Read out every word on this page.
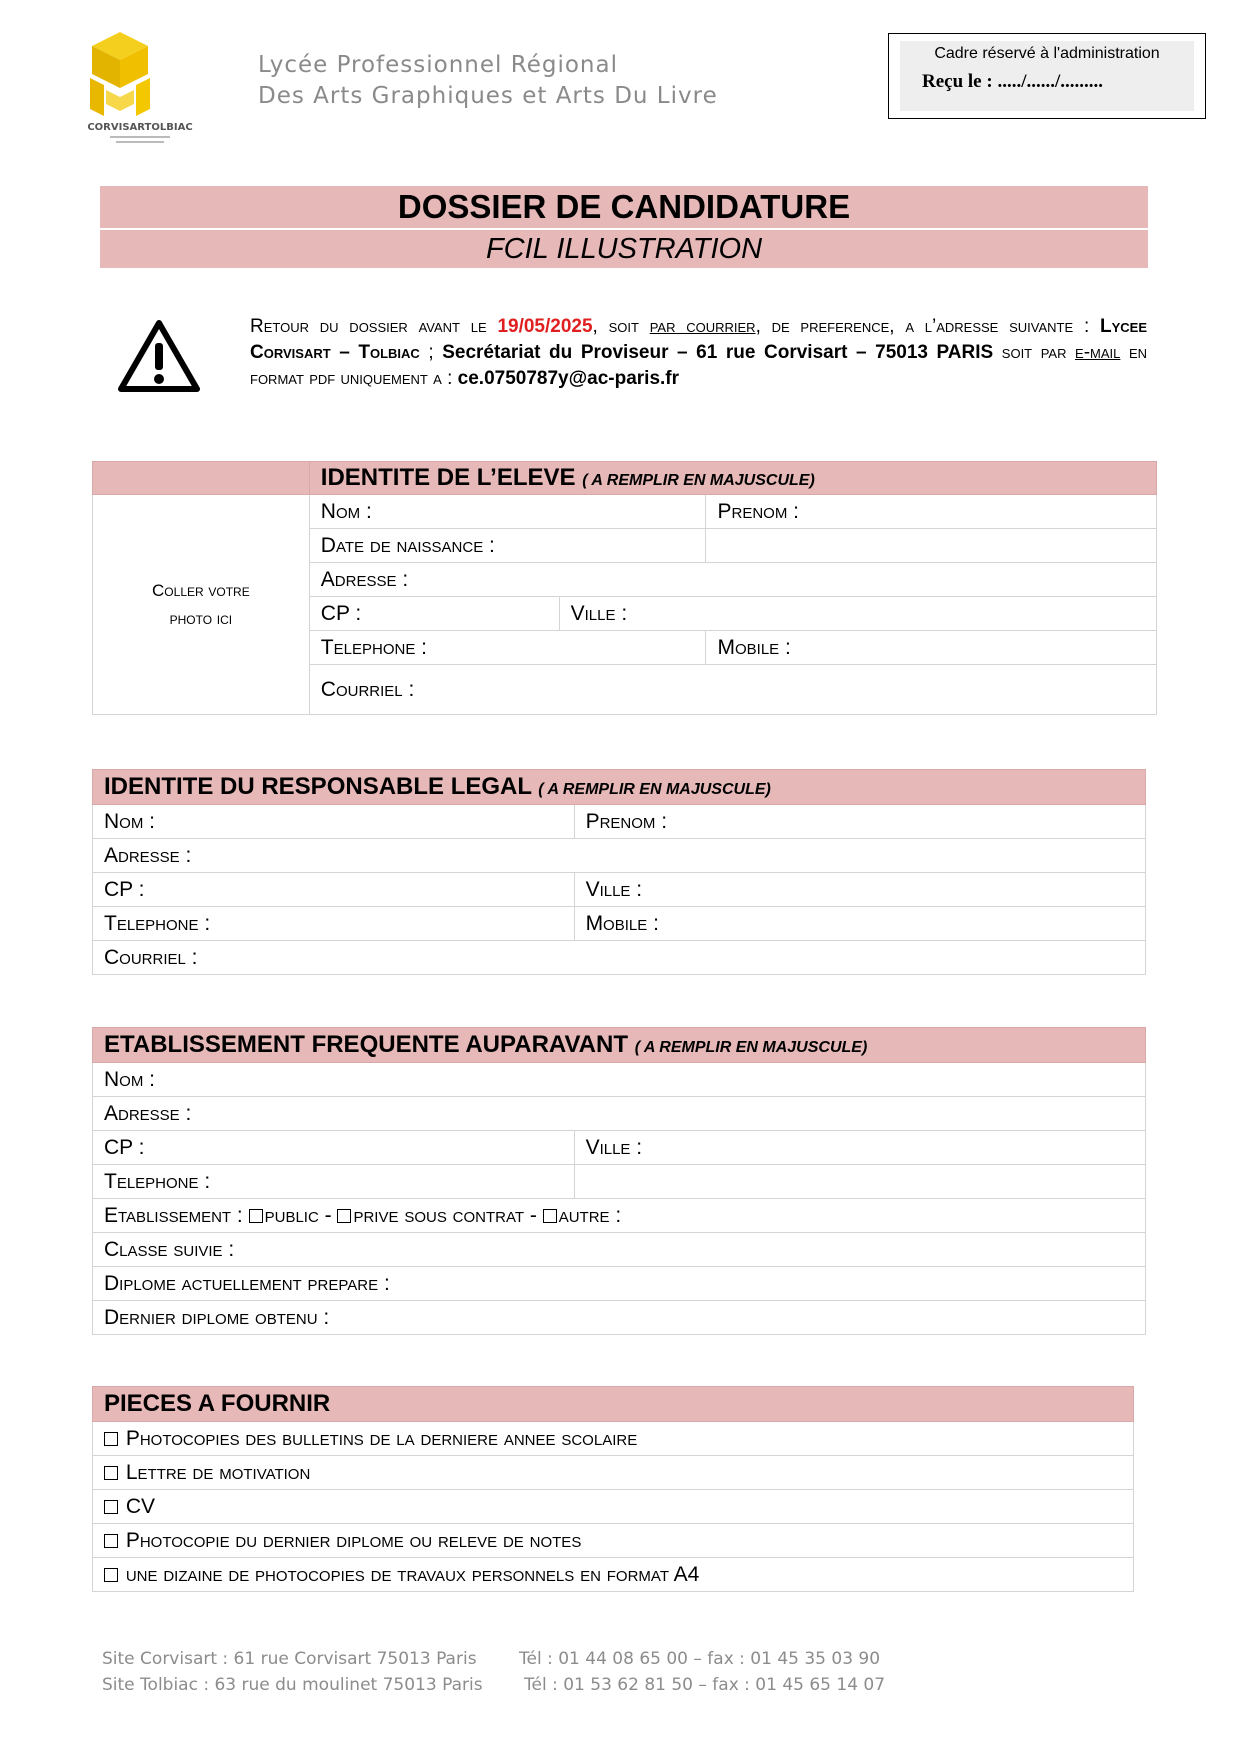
CORVISARTOLBIAC
Lycée Professionnel Régional
Des Arts Graphiques et Arts Du Livre
Cadre réservé à l'administration
Reçu le : ...../....../.........
DOSSIER DE CANDIDATURE
FCIL ILLUSTRATION
Retour du dossier avant le 19/05/2025, soit par courrier, de preference, a l’adresse suivante : Lycee Corvisart – Tolbiac ; Secrétariat du Proviseur – 61 rue Corvisart – 75013 PARIS soit par e-mail en format pdf uniquement a : ce.0750787y@ac-paris.fr
	IDENTITE DE L’ELEVE ( A REMPLIR EN MAJUSCULE)		

Coller votre photo ici	Nom :		Prenom :
	Date de naissance :		
	Adresse :		
	CP :	Ville :	
	Telephone :		Mobile :
	Courriel :		
IDENTITE DU RESPONSABLE LEGAL ( A REMPLIR EN MAJUSCULE)	
Nom :	Prenom :
Adresse :	
CP :	Ville :
Telephone :	Mobile :
Courriel :	
ETABLISSEMENT FREQUENTE AUPARAVANT ( A REMPLIR EN MAJUSCULE)	
Nom :	
Adresse :	
CP :	Ville :
Telephone :	
Etablissement : public - prive sous contrat - autre :	
Classe suivie :	
Diplome actuellement prepare :	
Dernier diplome obtenu :	
PIECES A FOURNIR
Photocopies des bulletins de la derniere annee scolaire
Lettre de motivation
CV
Photocopie du dernier diplome ou releve de notes
une dizaine de photocopies de travaux personnels en format A4
Site Corvisart : 61 rue Corvisart 75013 Paris Tél : 01 44 08 65 00 – fax : 01 45 35 03 90
Site Tolbiac : 63 rue du moulinet 75013 Paris Tél : 01 53 62 81 50 – fax : 01 45 65 14 07
